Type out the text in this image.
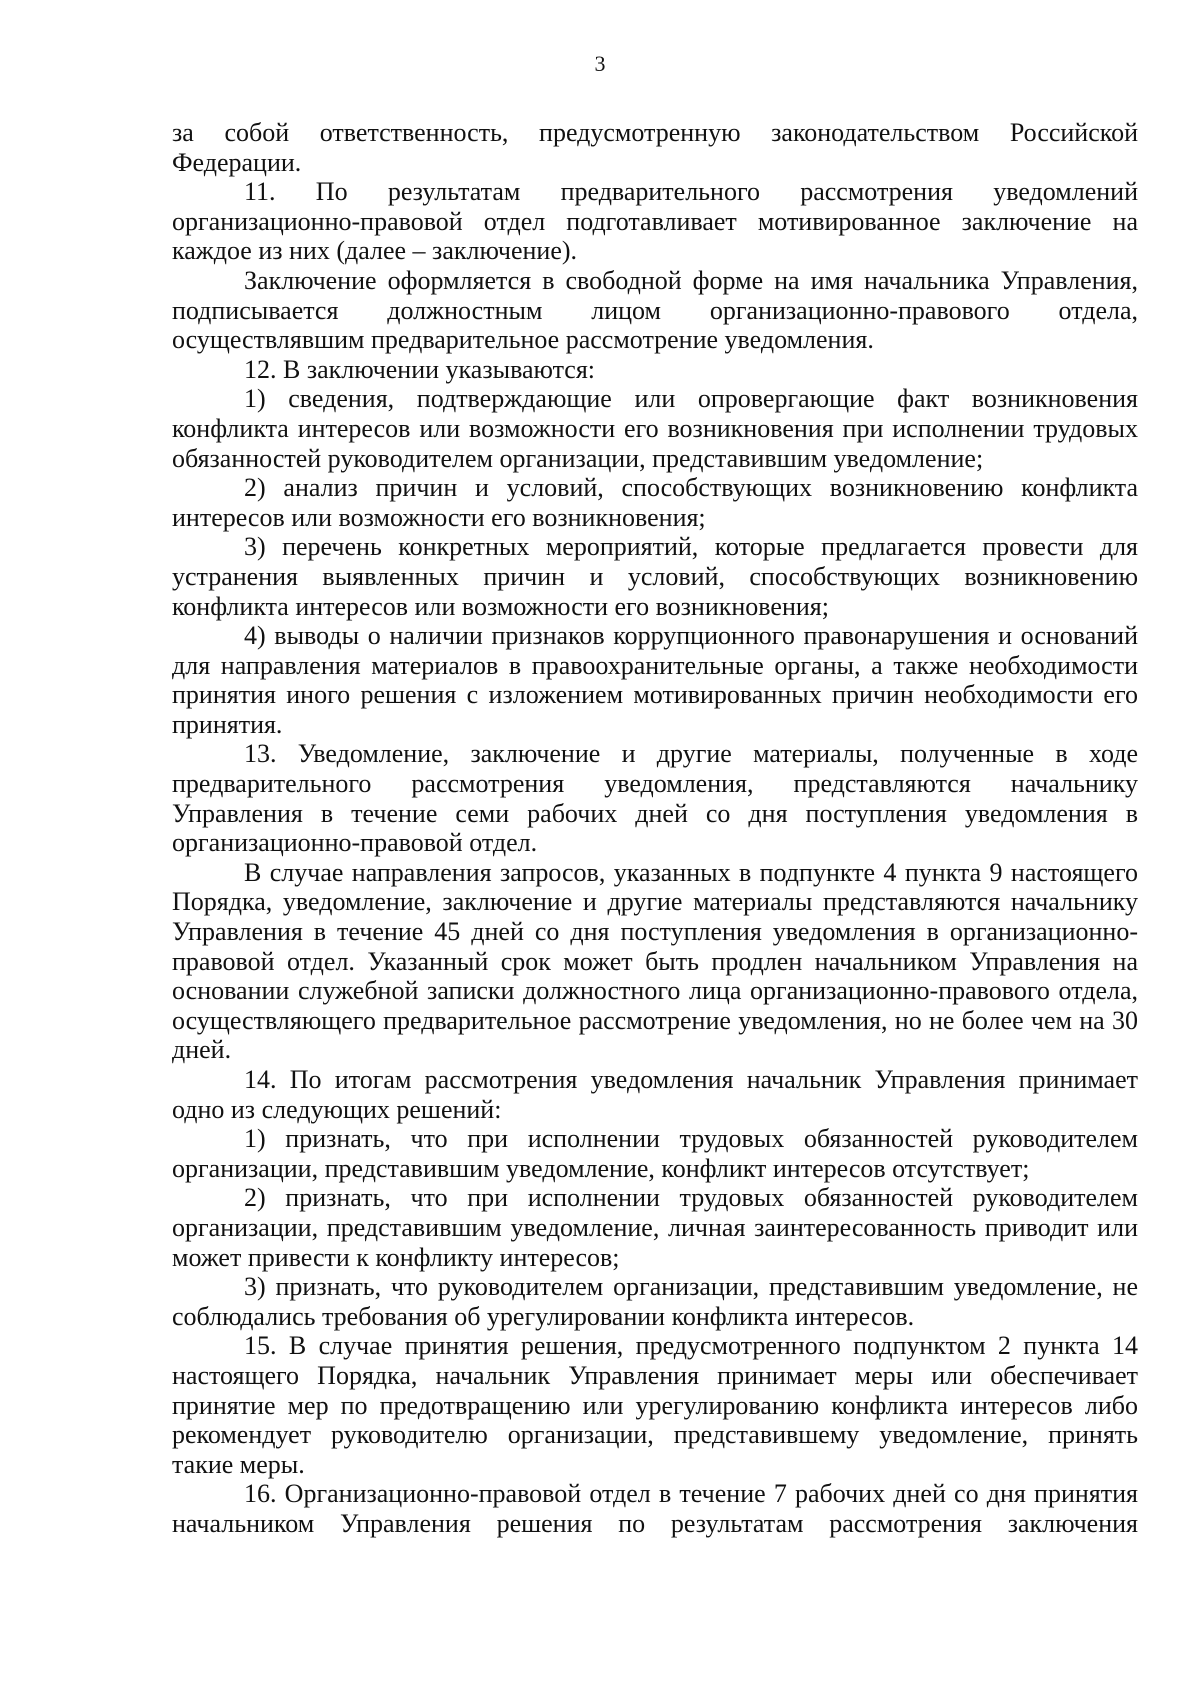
3

за собой ответственность, предусмотренную законодательством Российской Федерации.

11. По результатам предварительного рассмотрения уведомлений организационно-правовой отдел подготавливает мотивированное заключение на каждое из них (далее – заключение).

Заключение оформляется в свободной форме на имя начальника Управления, подписывается должностным лицом организационно-правового отдела, осуществлявшим предварительное рассмотрение уведомления.

12. В заключении указываются:

1) сведения, подтверждающие или опровергающие факт возникновения конфликта интересов или возможности его возникновения при исполнении трудовых обязанностей руководителем организации, представившим уведомление;

2) анализ причин и условий, способствующих возникновению конфликта интересов или возможности его возникновения;

3) перечень конкретных мероприятий, которые предлагается провести для устранения выявленных причин и условий, способствующих возникновению конфликта интересов или возможности его возникновения;

4) выводы о наличии признаков коррупционного правонарушения и оснований для направления материалов в правоохранительные органы, а также необходимости принятия иного решения с изложением мотивированных причин необходимости его принятия.

13. Уведомление, заключение и другие материалы, полученные в ходе предварительного рассмотрения уведомления, представляются начальнику Управления в течение семи рабочих дней со дня поступления уведомления в организационно-правовой отдел.

В случае направления запросов, указанных в подпункте 4 пункта 9 настоящего Порядка, уведомление, заключение и другие материалы представляются начальнику Управления в течение 45 дней со дня поступления уведомления в организационно-правовой отдел. Указанный срок может быть продлен начальником Управления на основании служебной записки должностного лица организационно-правового отдела, осуществляющего предварительное рассмотрение уведомления, но не более чем на 30 дней.

14. По итогам рассмотрения уведомления начальник Управления принимает одно из следующих решений:

1) признать, что при исполнении трудовых обязанностей руководителем организации, представившим уведомление, конфликт интересов отсутствует;

2) признать, что при исполнении трудовых обязанностей руководителем организации, представившим уведомление, личная заинтересованность приводит или может привести к конфликту интересов;

3) признать, что руководителем организации, представившим уведомление, не соблюдались требования об урегулировании конфликта интересов.

15. В случае принятия решения, предусмотренного подпунктом 2 пункта 14 настоящего Порядка, начальник Управления принимает меры или обеспечивает принятие мер по предотвращению или урегулированию конфликта интересов либо рекомендует руководителю организации, представившему уведомление, принять такие меры.

16. Организационно-правовой отдел в течение 7 рабочих дней со дня принятия начальником Управления решения по результатам рассмотрения заключения
